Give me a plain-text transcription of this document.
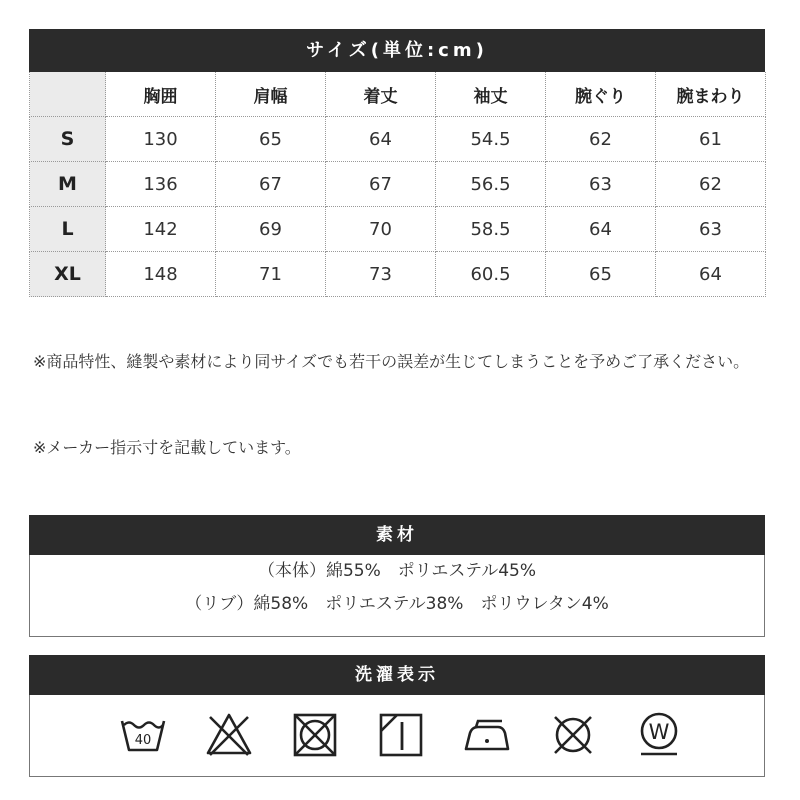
サイズ(単位:cm)
	胸囲	肩幅	着丈	袖丈	腕ぐり	腕まわり
S	130	65	64	54.5	62	61
M	136	67	67	56.5	63	62
L	142	69	70	58.5	64	63
XL	148	71	73	60.5	65	64
※商品特性、縫製や素材により同サイズでも若干の誤差が生じてしまうことを予めご了承ください。
※メーカー指示寸を記載しています。
素材
（本体）綿55%　ポリエステル45%
（リブ）綿58%　ポリエステル38%　ポリウレタン4%
洗濯表示
40	W
